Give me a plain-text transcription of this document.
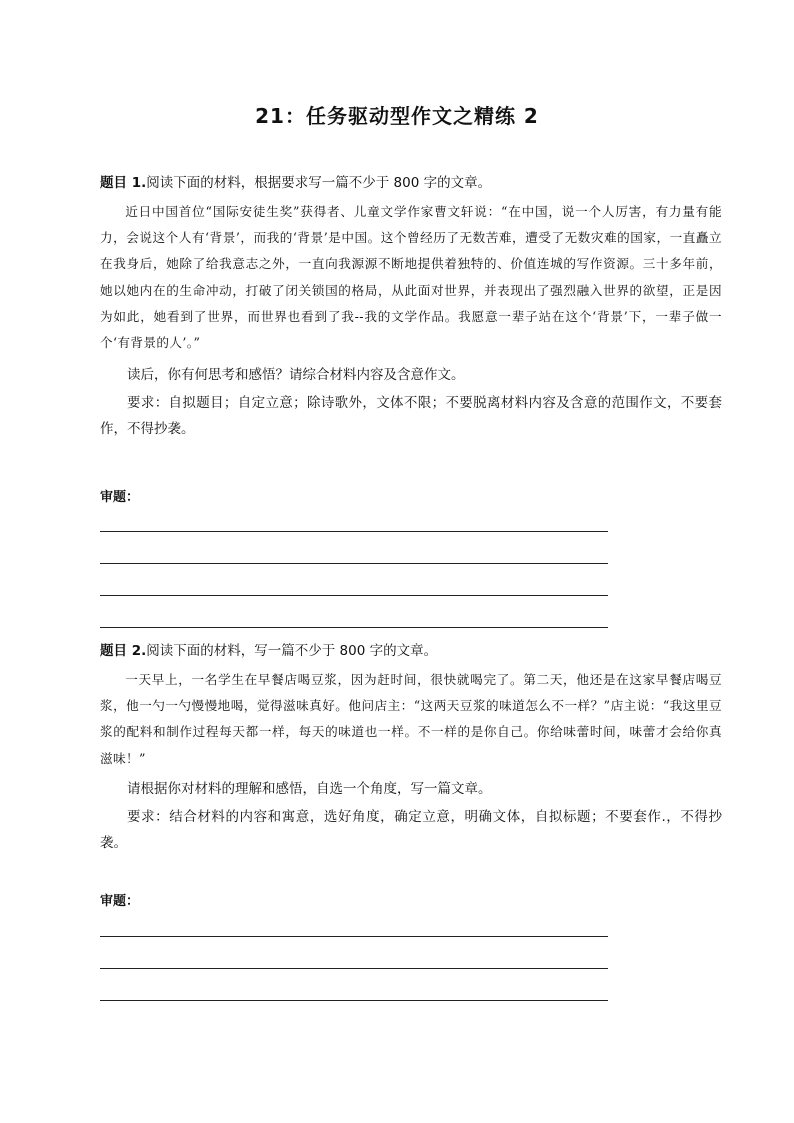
21：任务驱动型作文之精练 2
题目 1.阅读下面的材料，根据要求写一篇不少于 800 字的文章。
近日中国首位“国际安徒生奖”获得者、儿童文学作家曹文轩说：“在中国，说一个人厉害，有力量有能力，会说这个人有‘背景’，而我的‘背景’是中国。这个曾经历了无数苦难，遭受了无数灾难的国家，一直矗立在我身后，她除了给我意志之外，一直向我源源不断地提供着独特的、价值连城的写作资源。三十多年前，她以她内在的生命冲动，打破了闭关锁国的格局，从此面对世界，并表现出了强烈融入世界的欲望，正是因为如此，她看到了世界，而世界也看到了我--我的文学作品。我愿意一辈子站在这个‘背景’下，一辈子做一个‘有背景的人’。”
读后，你有何思考和感悟？请综合材料内容及含意作文。
要求：自拟题目；自定立意；除诗歌外，文体不限；不要脱离材料内容及含意的范围作文，不要套作，不得抄袭。
审题：
题目 2.阅读下面的材料，写一篇不少于 800 字的文章。
一天早上，一名学生在早餐店喝豆浆，因为赶时间，很快就喝完了。第二天，他还是在这家早餐店喝豆浆，他一勺一勺慢慢地喝，觉得滋味真好。他问店主：“这两天豆浆的味道怎么不一样？”店主说：“我这里豆浆的配料和制作过程每天都一样，每天的味道也一样。不一样的是你自己。你给味蕾时间，味蕾才会给你真滋味！”
请根据你对材料的理解和感悟，自选一个角度，写一篇文章。
要求：结合材料的内容和寓意，选好角度，确定立意，明确文体，自拟标题；不要套作.，不得抄袭。
审题：
